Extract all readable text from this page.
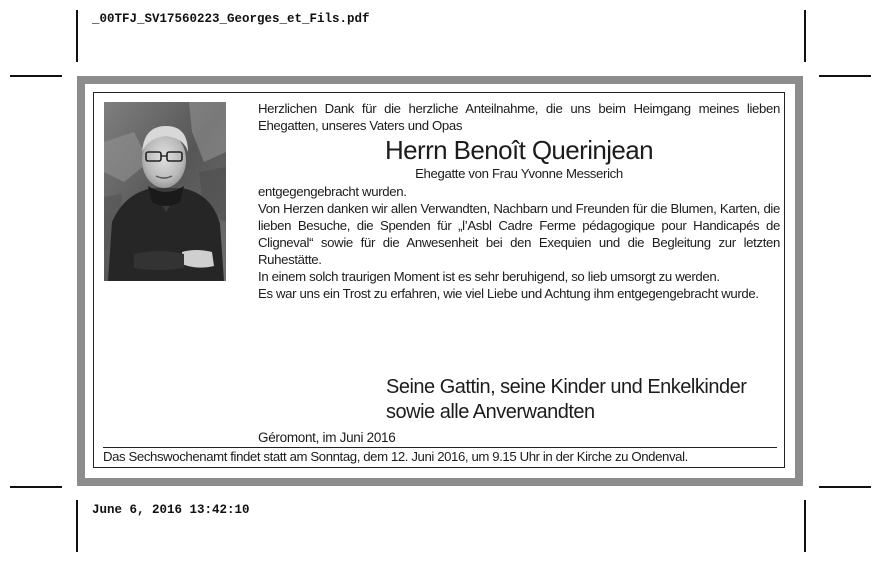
_00TFJ_SV17560223_Georges_et_Fils.pdf

Herzlichen Dank für die herzliche Anteilnahme, die uns beim Heimgang meines lieben Ehegatten, unseres Vaters und Opas

Herrn Benoît Querinjean

Ehegatte von Frau Yvonne Messerich

entgegengebracht wurden.

Von Herzen danken wir allen Verwandten, Nachbarn und Freunden für die Blumen, Karten, die lieben Besuche, die Spenden für „l’Asbl Cadre Ferme pédagogique pour Handicapés de Cligneval“ sowie für die Anwesenheit bei den Exequien und die Begleitung zur letzten Ruhestätte.

In einem solch traurigen Moment ist es sehr beruhigend, so lieb umsorgt zu werden.

Es war uns ein Trost zu erfahren, wie viel Liebe und Achtung ihm entgegengebracht wurde.

Seine Gattin, seine Kinder und Enkelkinder
sowie alle Anverwandten
Géromont, im Juni 2016
Das Sechswochenamt findet statt am Sonntag, dem 12. Juni 2016, um 9.15 Uhr in der Kirche zu Ondenval.
June 6, 2016 13:42:10
